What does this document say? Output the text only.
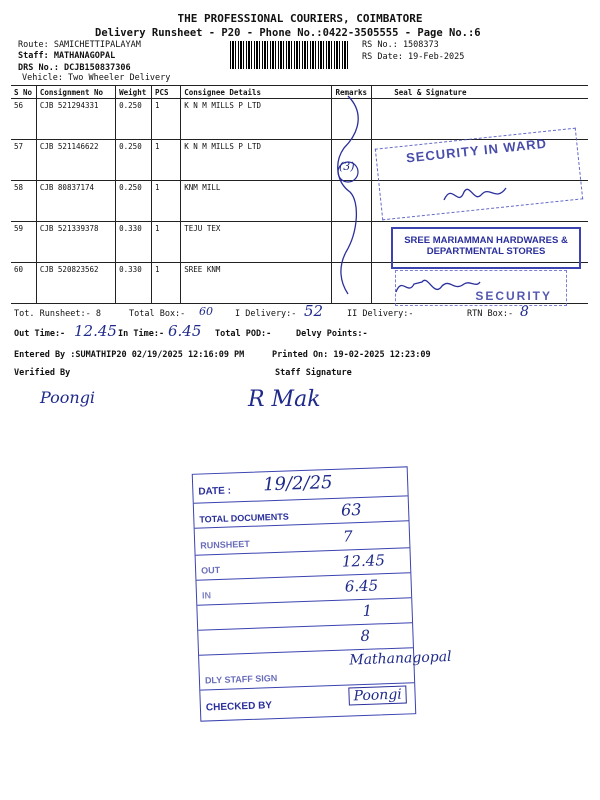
THE PROFESSIONAL COURIERS, COIMBATORE
Delivery Runsheet - P20 - Phone No.:0422-3505555 - Page No.:6
Route: SAMICHETTIPALAYAM
Staff: MATHANAGOPAL
DRS No.: DCJB150837306
Vehicle: Two Wheeler Delivery
RS No.: 1508373
RS Date: 19-Feb-2025
S No	Consignment No	Weight	PCS	Consignee Details	Remarks	Seal & Signature
56	CJB 521294331	0.250	1	K N M MILLS P LTD		
57	CJB 521146622	0.250	1	K N M MILLS P LTD		
58	CJB 80837174	0.250	1	KNM MILL		
59	CJB 521339378	0.330	1	TEJU TEX		
60	CJB 520823562	0.330	1	SREE KNM		
(3)
SECURITY IN WARD
SREE MARIAMMAN HARDWARES &
DEPARTMENTAL STORES
SECURITY
Tot. Runsheet:- 8	Total Box:- 60	I Delivery:- 52	II Delivery:-	RTN Box:- 8
Out Time:- 12.45 In Time:- 6.45 Total POD:-	Delvy Points:-
Entered By :SUMATHIP20 02/19/2025 12:16:09 PM	Printed On: 19-02-2025 12:23:09
Verified By	Staff Signature
Poongi	R Mak
DATE : 19/2/25
TOTAL DOCUMENTS	63
RUNSHEET	7
OUT	12.45
IN	6.45
1
8
DLY STAFF SIGN
Mathanagopal
CHECKED BY
Poongi
